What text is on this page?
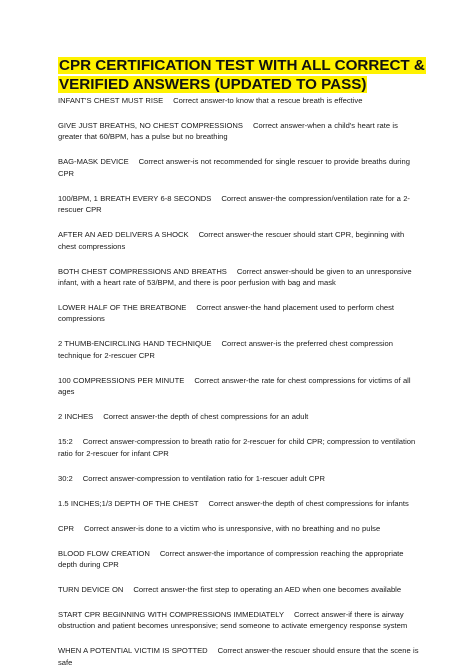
CPR CERTIFICATION TEST WITH ALL CORRECT & VERIFIED ANSWERS (UPDATED TO PASS)
INFANT'S CHEST MUST RISE Correct answer-to know that a rescue breath is effective
GIVE JUST BREATHS, NO CHEST COMPRESSIONS Correct answer-when a child's heart rate is greater that 60/BPM, has a pulse but no breathing
BAG-MASK DEVICE Correct answer-is not recommended for single rescuer to provide breaths during CPR
100/BPM, 1 BREATH EVERY 6-8 SECONDS Correct answer-the compression/ventilation rate for a 2-rescuer CPR
AFTER AN AED DELIVERS A SHOCK Correct answer-the rescuer should start CPR, beginning with chest compressions
BOTH CHEST COMPRESSIONS AND BREATHS Correct answer-should be given to an unresponsive infant, with a heart rate of 53/BPM, and there is poor perfusion with bag and mask
LOWER HALF OF THE BREATBONE Correct answer-the hand placement used to perform chest compressions
2 THUMB-ENCIRCLING HAND TECHNIQUE Correct answer-is the preferred chest compression technique for 2-rescuer CPR
100 COMPRESSIONS PER MINUTE Correct answer-the rate for chest compressions for victims of all ages
2 INCHES Correct answer-the depth of chest compressions for an adult
15:2 Correct answer-compression to breath ratio for 2-rescuer for child CPR; compression to ventilation ratio for 2-rescuer for infant CPR
30:2 Correct answer-compression to ventilation ratio for 1-rescuer adult CPR
1.5 INCHES;1/3 DEPTH OF THE CHEST Correct answer-the depth of chest compressions for infants
CPR Correct answer-is done to a victim who is unresponsive, with no breathing and no pulse
BLOOD FLOW CREATION Correct answer-the importance of compression reaching the appropriate depth during CPR
TURN DEVICE ON Correct answer-the first step to operating an AED when one becomes available
START CPR BEGINNING WITH COMPRESSIONS IMMEDIATELY Correct answer-if there is airway obstruction and patient becomes unresponsive; send someone to activate emergency response system
WHEN A POTENTIAL VICTIM IS SPOTTED Correct answer-the rescuer should ensure that the scene is safe
